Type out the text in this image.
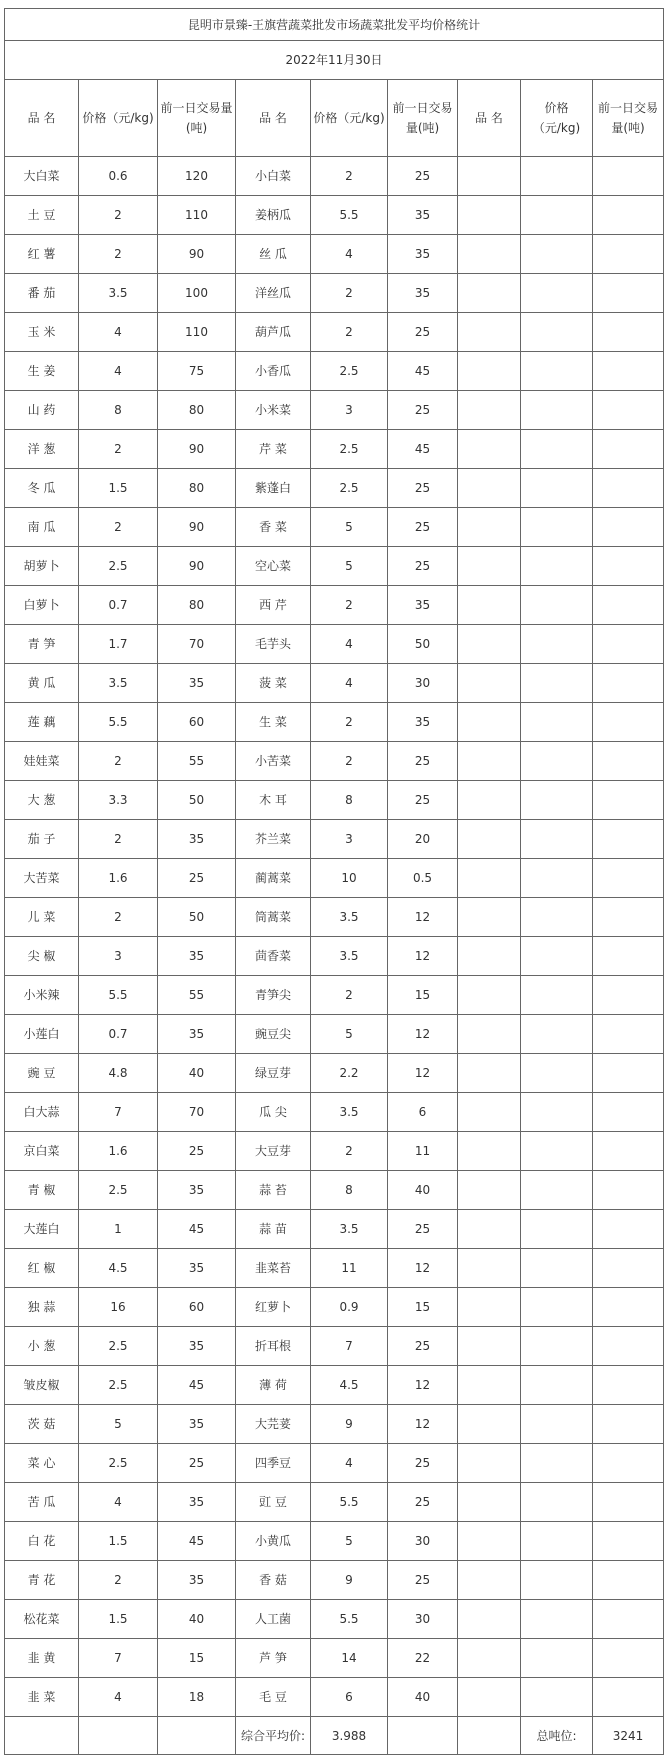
昆明市景臻-王旗营蔬菜批发市场蔬菜批发平均价格统计								
2022年11月30日								
品 名	价格（元/kg)	前一日交易量(吨)	品 名	价格（元/kg)	前一日交易量(吨)	品 名	价格（元/kg)	前一日交易量(吨)
大白菜	0.6	120	小白菜	2	25			
土 豆	2	110	姜柄瓜	5.5	35			
红 薯	2	90	丝 瓜	4	35			
番 茄	3.5	100	洋丝瓜	2	35			
玉 米	4	110	葫芦瓜	2	25			
生 姜	4	75	小香瓜	2.5	45			
山 药	8	80	小米菜	3	25			
洋 葱	2	90	芹 菜	2.5	45			
冬 瓜	1.5	80	紫蓬白	2.5	25			
南 瓜	2	90	香 菜	5	25			
胡萝卜	2.5	90	空心菜	5	25			
白萝卜	0.7	80	西 芹	2	35			
青 笋	1.7	70	毛芋头	4	50			
黄 瓜	3.5	35	菠 菜	4	30			
莲 藕	5.5	60	生 菜	2	35			
娃娃菜	2	55	小苦菜	2	25			
大 葱	3.3	50	木 耳	8	25			
茄 子	2	35	芥兰菜	3	20			
大苦菜	1.6	25	蔺蒿菜	10	0.5			
儿 菜	2	50	筒蒿菜	3.5	12			
尖 椒	3	35	茴香菜	3.5	12			
小米辣	5.5	55	青笋尖	2	15			
小莲白	0.7	35	豌豆尖	5	12			
豌 豆	4.8	40	绿豆芽	2.2	12			
白大蒜	7	70	瓜 尖	3.5	6			
京白菜	1.6	25	大豆芽	2	11			
青 椒	2.5	35	蒜 苔	8	40			
大莲白	1	45	蒜 苗	3.5	25			
红 椒	4.5	35	韭菜苔	11	12			
独 蒜	16	60	红萝卜	0.9	15			
小 葱	2.5	35	折耳根	7	25			
皱皮椒	2.5	45	薄 荷	4.5	12			
茨 菇	5	35	大芫荽	9	12			
菜 心	2.5	25	四季豆	4	25			
苦 瓜	4	35	豇 豆	5.5	25			
白 花	1.5	45	小黄瓜	5	30			
青 花	2	35	香 菇	9	25			
松花菜	1.5	40	人工菌	5.5	30			
韭 黄	7	15	芦 笋	14	22			
韭 菜	4	18	毛 豆	6	40			
			综合平均价:	3.988			总吨位:	3241
